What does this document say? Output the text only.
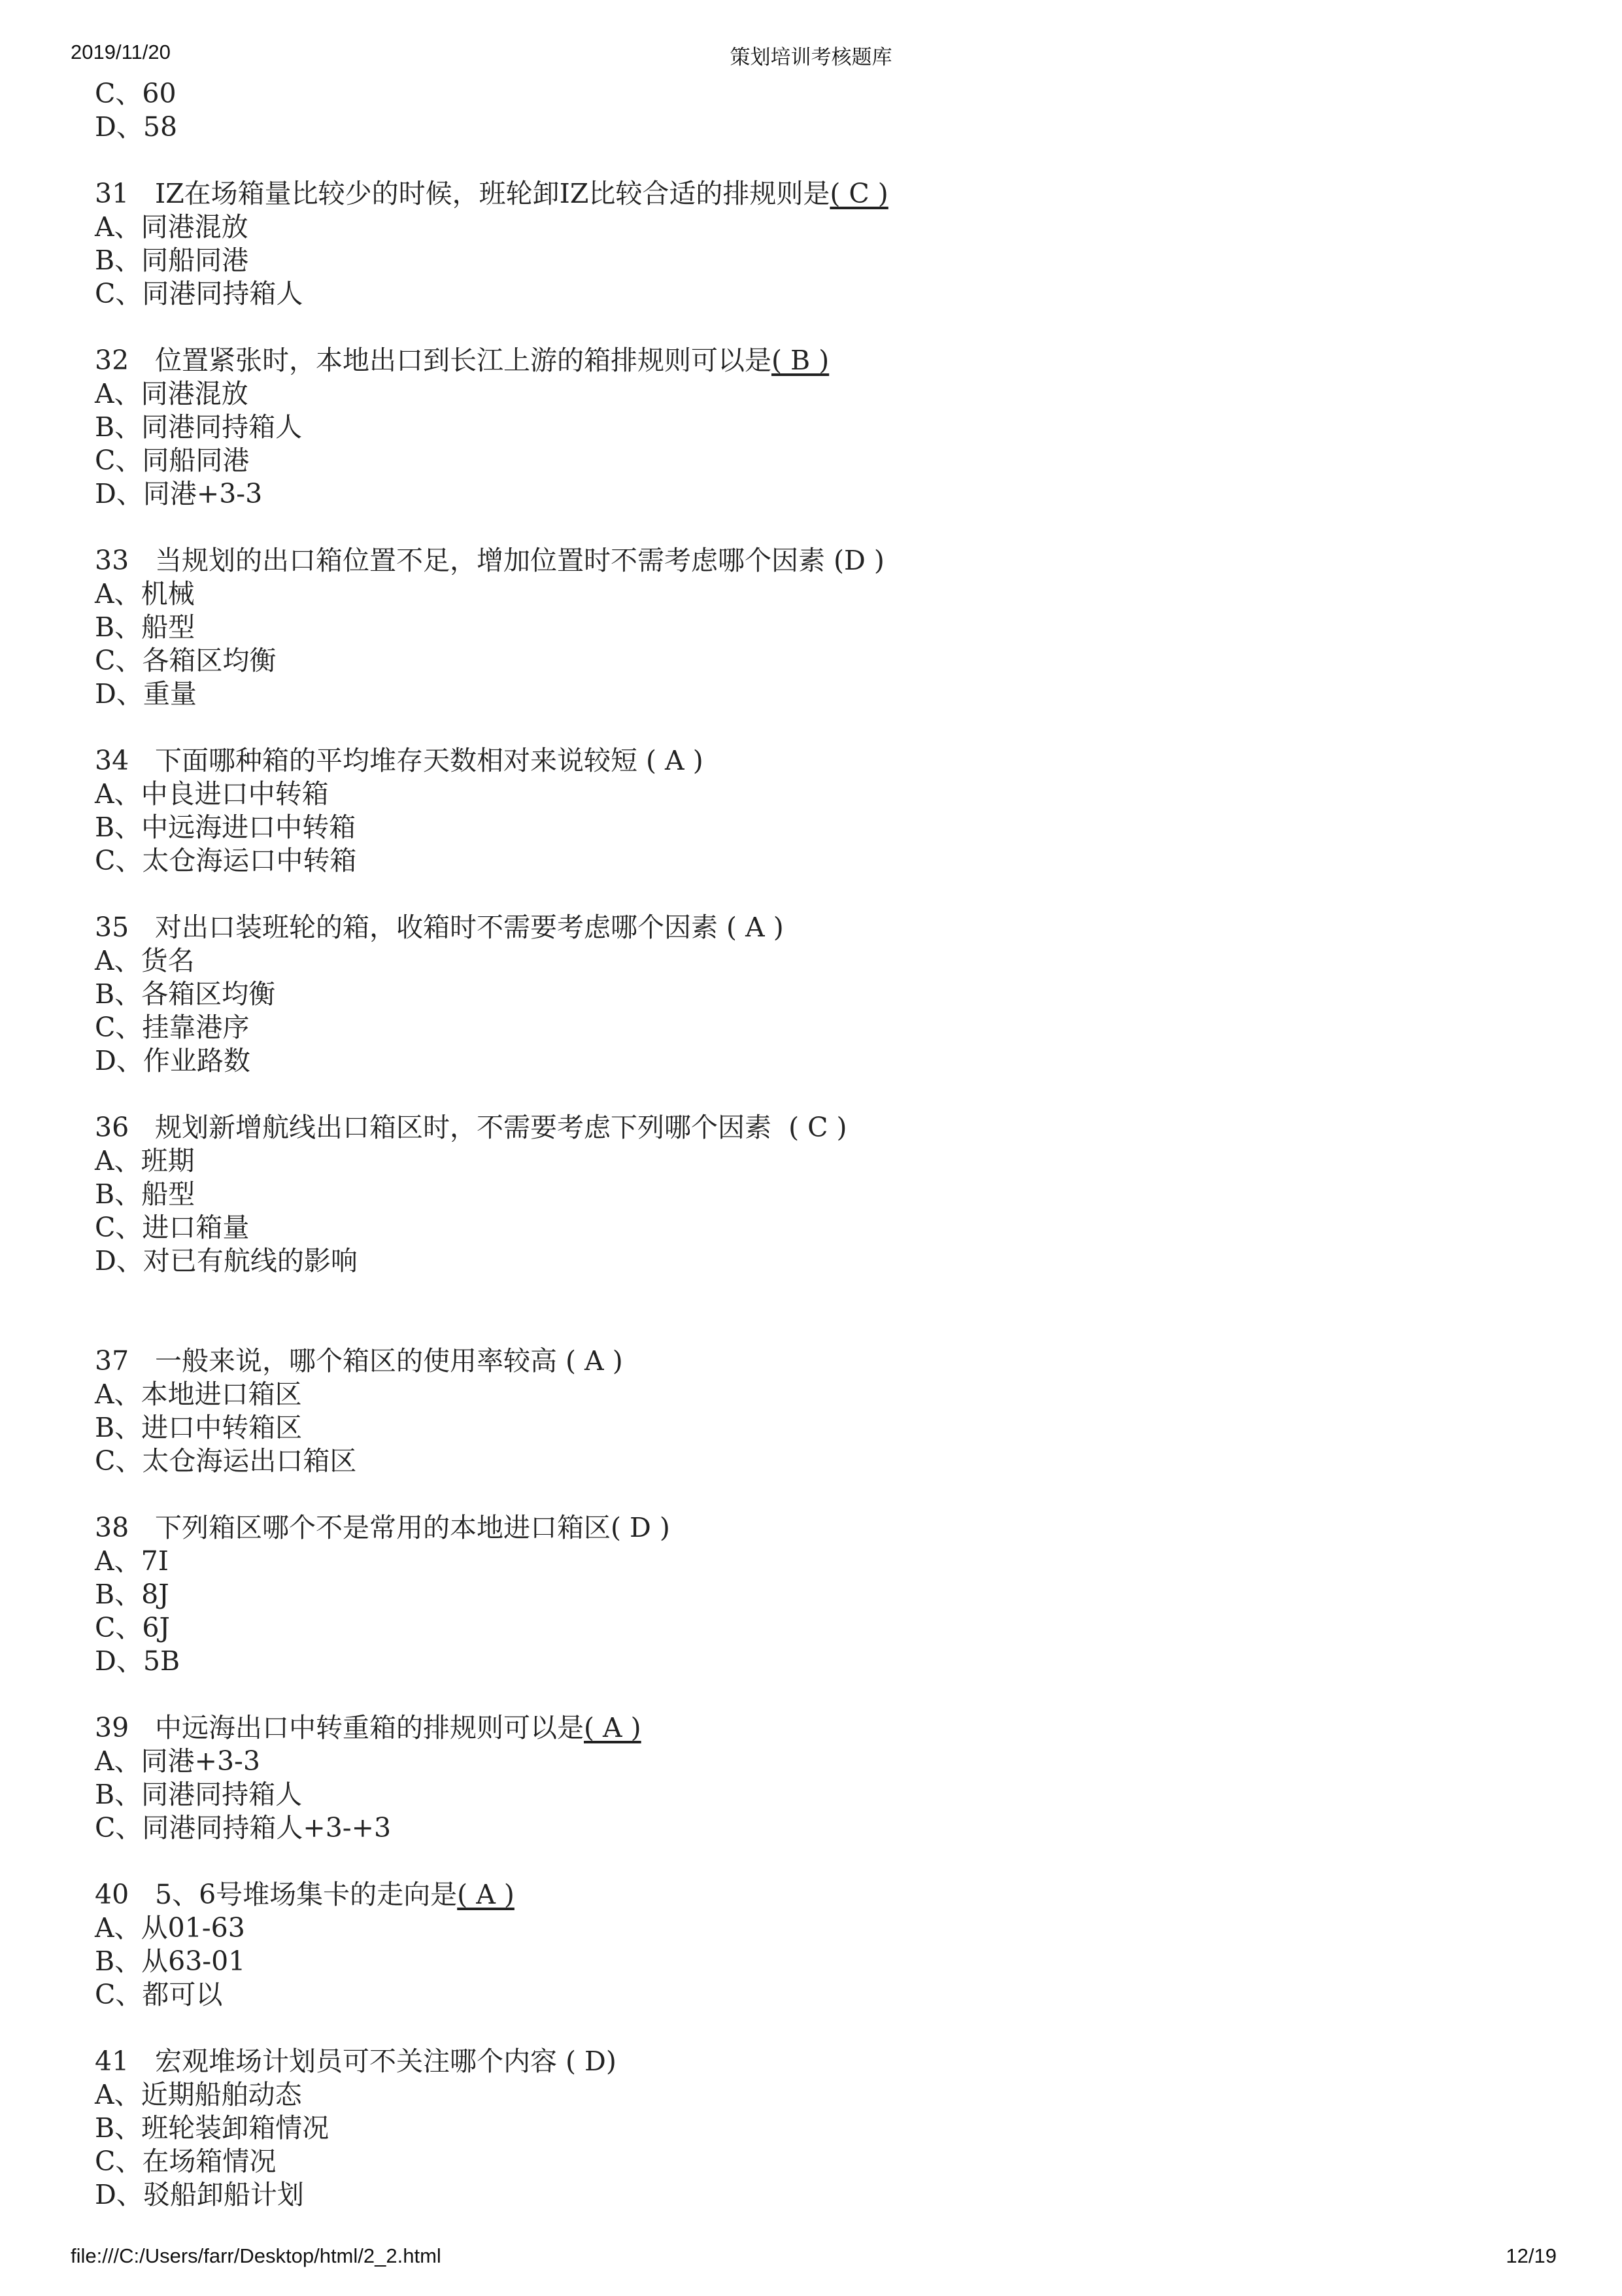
2019/11/20	策划培训考核题库
C、60
D、58
31 IZ在场箱量比较少的时候，班轮卸IZ比较合适的排规则是( C )
A、同港混放
B、同船同港
C、同港同持箱人
32 位置紧张时，本地出口到长江上游的箱排规则可以是( B )
A、同港混放
B、同港同持箱人
C、同船同港
D、同港+3-3
33 当规划的出口箱位置不足，增加位置时不需考虑哪个因素 (D )
A、机械
B、船型
C、各箱区均衡
D、重量
34 下面哪种箱的平均堆存天数相对来说较短 ( A )
A、中良进口中转箱
B、中远海进口中转箱
C、太仓海运口中转箱
35 对出口装班轮的箱，收箱时不需要考虑哪个因素 ( A )
A、货名
B、各箱区均衡
C、挂靠港序
D、作业路数
36 规划新增航线出口箱区时，不需要考虑下列哪个因素  ( C )
A、班期
B、船型
C、进口箱量
D、对已有航线的影响
37 一般来说，哪个箱区的使用率较高 ( A )
A、本地进口箱区
B、进口中转箱区
C、太仓海运出口箱区
38 下列箱区哪个不是常用的本地进口箱区( D )
A、7I
B、8J
C、6J
D、5B
39 中远海出口中转重箱的排规则可以是( A )
A、同港+3-3
B、同港同持箱人
C、同港同持箱人+3-+3
40 5、6号堆场集卡的走向是( A )
A、从01-63
B、从63-01
C、都可以
41 宏观堆场计划员可不关注哪个内容 ( D)
A、近期船舶动态
B、班轮装卸箱情况
C、在场箱情况
D、驳船卸船计划
file:///C:/Users/farr/Desktop/html/2_2.html	12/19
